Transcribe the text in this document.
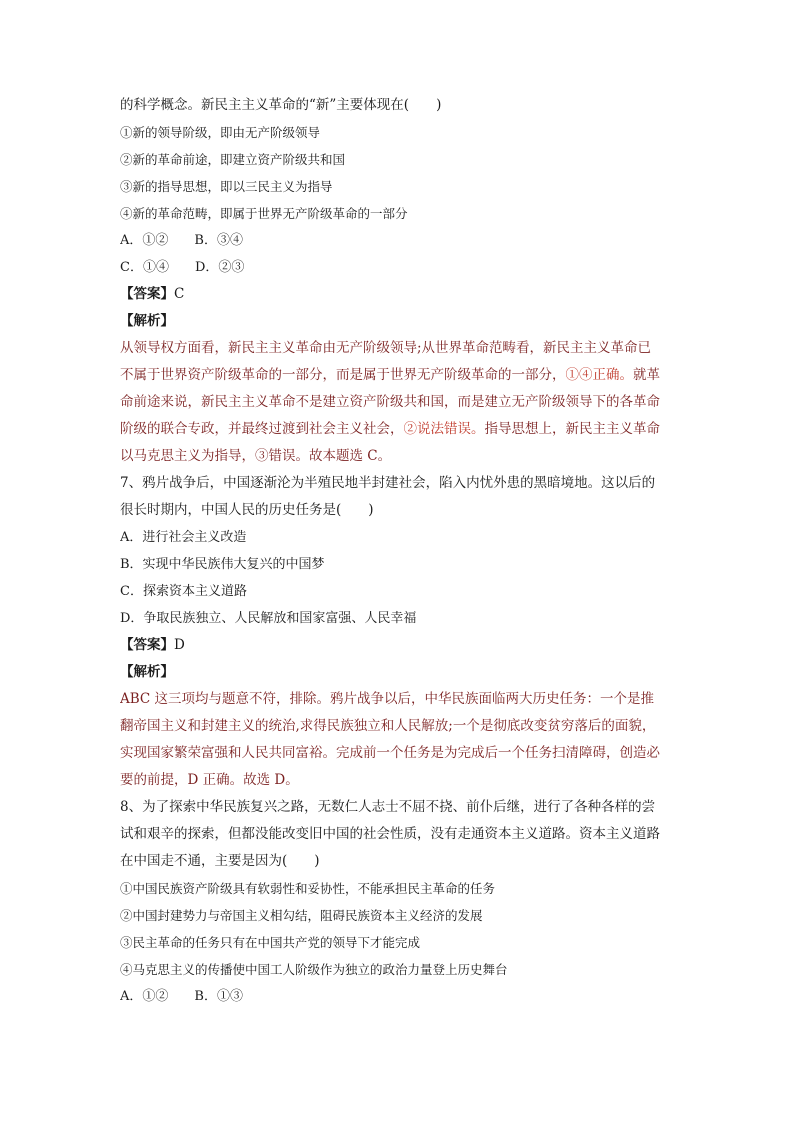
的科学概念。新民主主义革命的“新”主要体现在(　　)
①新的领导阶级，即由无产阶级领导
②新的革命前途，即建立资产阶级共和国
③新的指导思想，即以三民主义为指导
④新的革命范畴，即属于世界无产阶级革命的一部分
A．①② B．③④
C．①④ D．②③
【答案】C
【解析】
从领导权方面看，新民主主义革命由无产阶级领导;从世界革命范畴看，新民主主义革命已
不属于世界资产阶级革命的一部分，而是属于世界无产阶级革命的一部分，①④正确。就革
命前途来说，新民主主义革命不是建立资产阶级共和国，而是建立无产阶级领导下的各革命
阶级的联合专政，并最终过渡到社会主义社会，②说法错误。指导思想上，新民主主义革命
以马克思主义为指导，③错误。故本题选 C。
7、鸦片战争后，中国逐渐沦为半殖民地半封建社会，陷入内忧外患的黑暗境地。这以后的
很长时期内，中国人民的历史任务是(　　)
A．进行社会主义改造
B．实现中华民族伟大复兴的中国梦
C．探索资本主义道路
D．争取民族独立、人民解放和国家富强、人民幸福
【答案】D
【解析】
ABC 这三项均与题意不符，排除。鸦片战争以后，中华民族面临两大历史任务：一个是推
翻帝国主义和封建主义的统治,求得民族独立和人民解放;一个是彻底改变贫穷落后的面貌，
实现国家繁荣富强和人民共同富裕。完成前一个任务是为完成后一个任务扫清障碍，创造必
要的前提，D 正确。故选 D。
8、为了探索中华民族复兴之路，无数仁人志士不屈不挠、前仆后继，进行了各种各样的尝
试和艰辛的探索，但都没能改变旧中国的社会性质，没有走通资本主义道路。资本主义道路
在中国走不通，主要是因为(　　)
①中国民族资产阶级具有软弱性和妥协性，不能承担民主革命的任务
②中国封建势力与帝国主义相勾结，阻碍民族资本主义经济的发展
③民主革命的任务只有在中国共产党的领导下才能完成
④马克思主义的传播使中国工人阶级作为独立的政治力量登上历史舞台
A．①② B．①③
